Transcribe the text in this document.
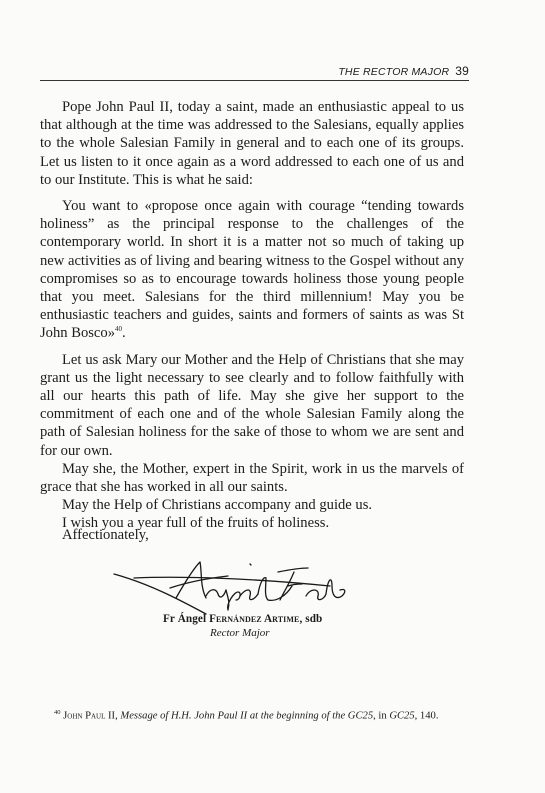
THE RECTOR MAJOR 39

Pope John Paul II, today a saint, made an enthusiastic appeal to us that although at the time was addressed to the Salesians, equally applies to the whole Salesian Family in general and to each one of its groups. Let us listen to it once again as a word addressed to each one of us and to our Institute. This is what he said:

You want to «propose once again with courage “tending towards holiness” as the principal response to the challenges of the contemporary world. In short it is a matter not so much of taking up new activities as of living and bearing witness to the Gospel without any compromises so as to encourage towards holiness those young people that you meet. Salesians for the third millennium! May you be enthusiastic teachers and guides, saints and formers of saints as was St John Bosco»$^{40}$.

Let us ask Mary our Mother and the Help of Christians that she may grant us the light necessary to see clearly and to follow faithfully with all our hearts this path of life. May she give her support to the commitment of each one and of the whole Salesian Family along the path of Salesian holiness for the sake of those to whom we are sent and for our own.

May she, the Mother, expert in the Spirit, work in us the marvels of grace that she has worked in all our saints.

May the Help of Christians accompany and guide us.

I wish you a year full of the fruits of holiness.

Affectionately,
Fr Ángel Fernández Artime, sdb
Rector Major
$^{40}$ John Paul II, Message of H.H. John Paul II at the beginning of the GC25, in GC25, 140.
